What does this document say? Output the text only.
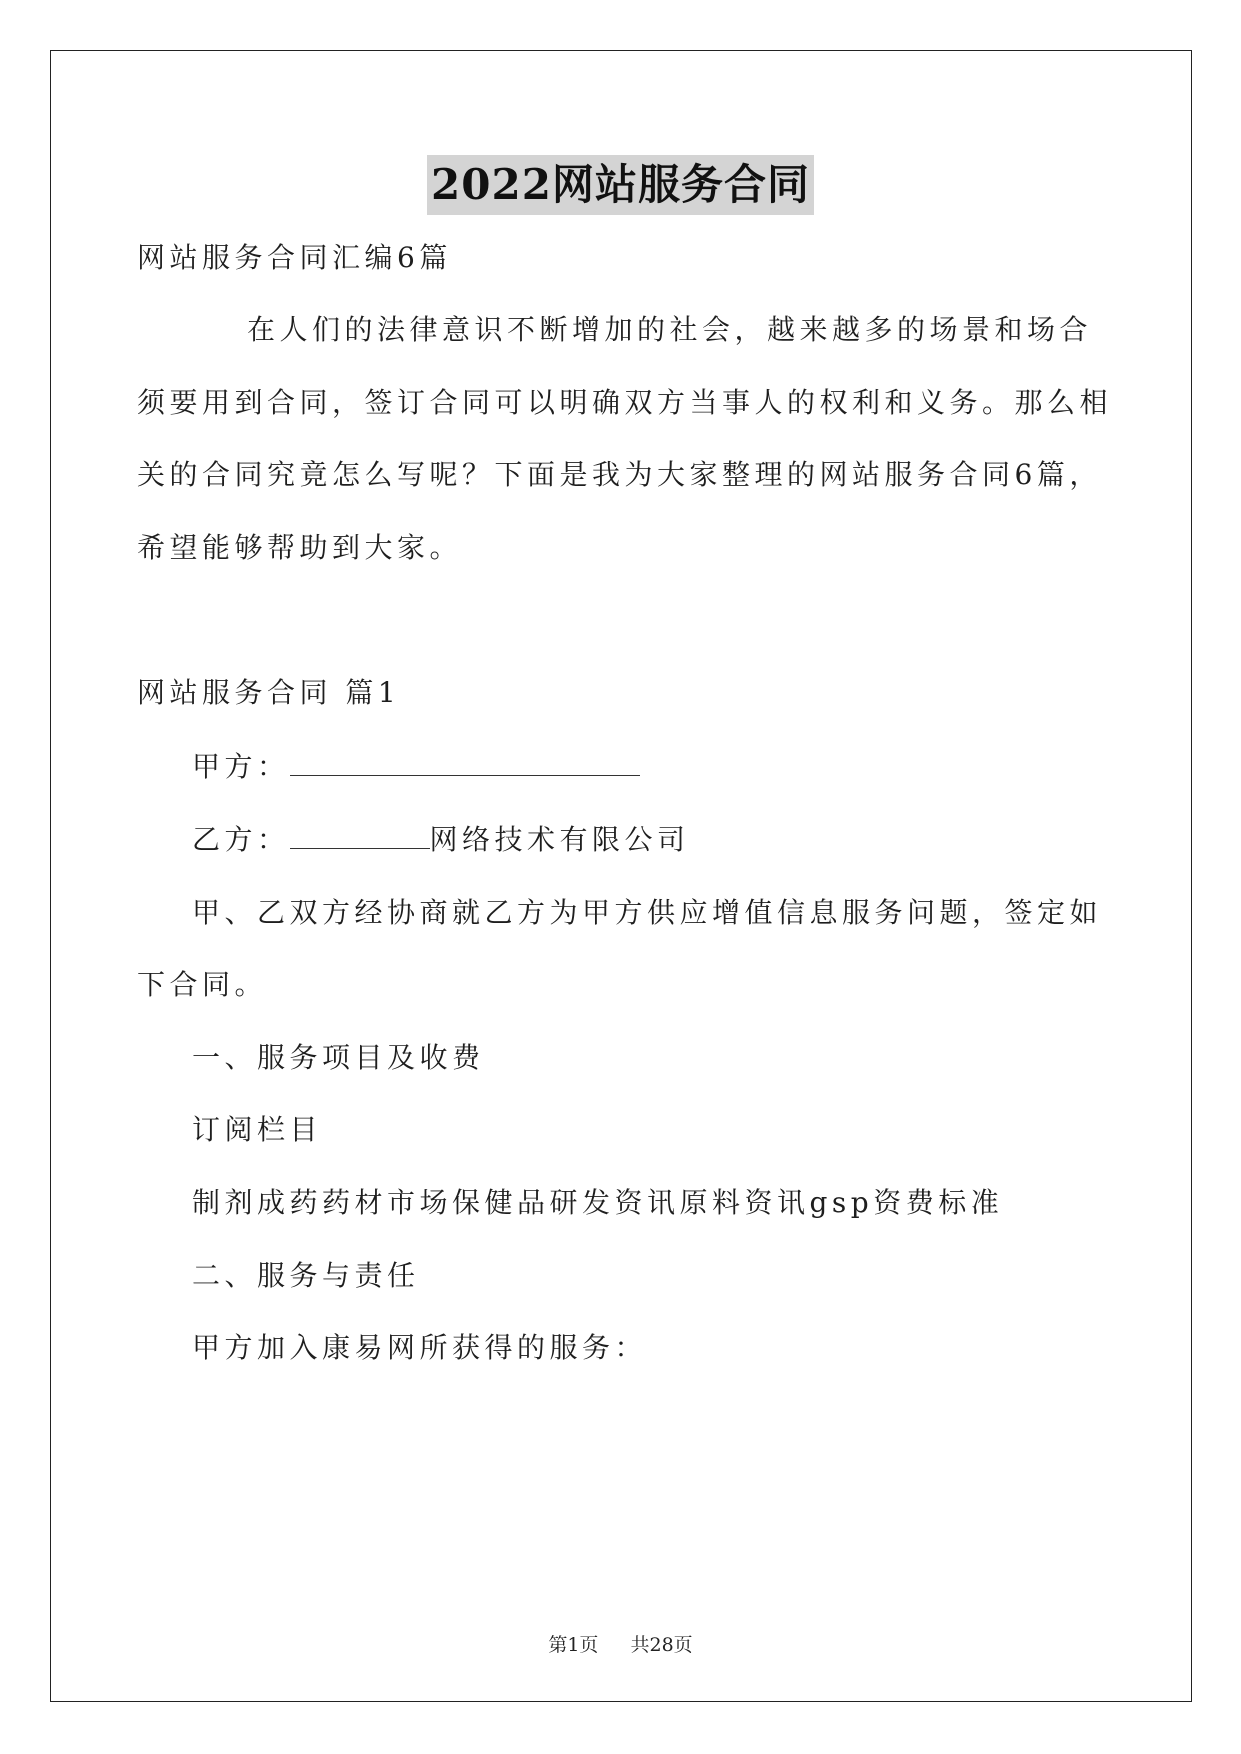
2022网站服务合同
网站服务合同汇编6篇
在人们的法律意识不断增加的社会，越来越多的场景和场合
须要用到合同，签订合同可以明确双方当事人的权利和义务。那么相
关的合同究竟怎么写呢？下面是我为大家整理的网站服务合同6篇，
希望能够帮助到大家。
网站服务合同 篇1
甲方：
乙方：	网络技术有限公司
甲、乙双方经协商就乙方为甲方供应增值信息服务问题，签定如
下合同。
一、服务项目及收费
订阅栏目
制剂成药药材市场保健品研发资讯原料资讯gsp资费标准
二、服务与责任
甲方加入康易网所获得的服务：
第1页 共28页
